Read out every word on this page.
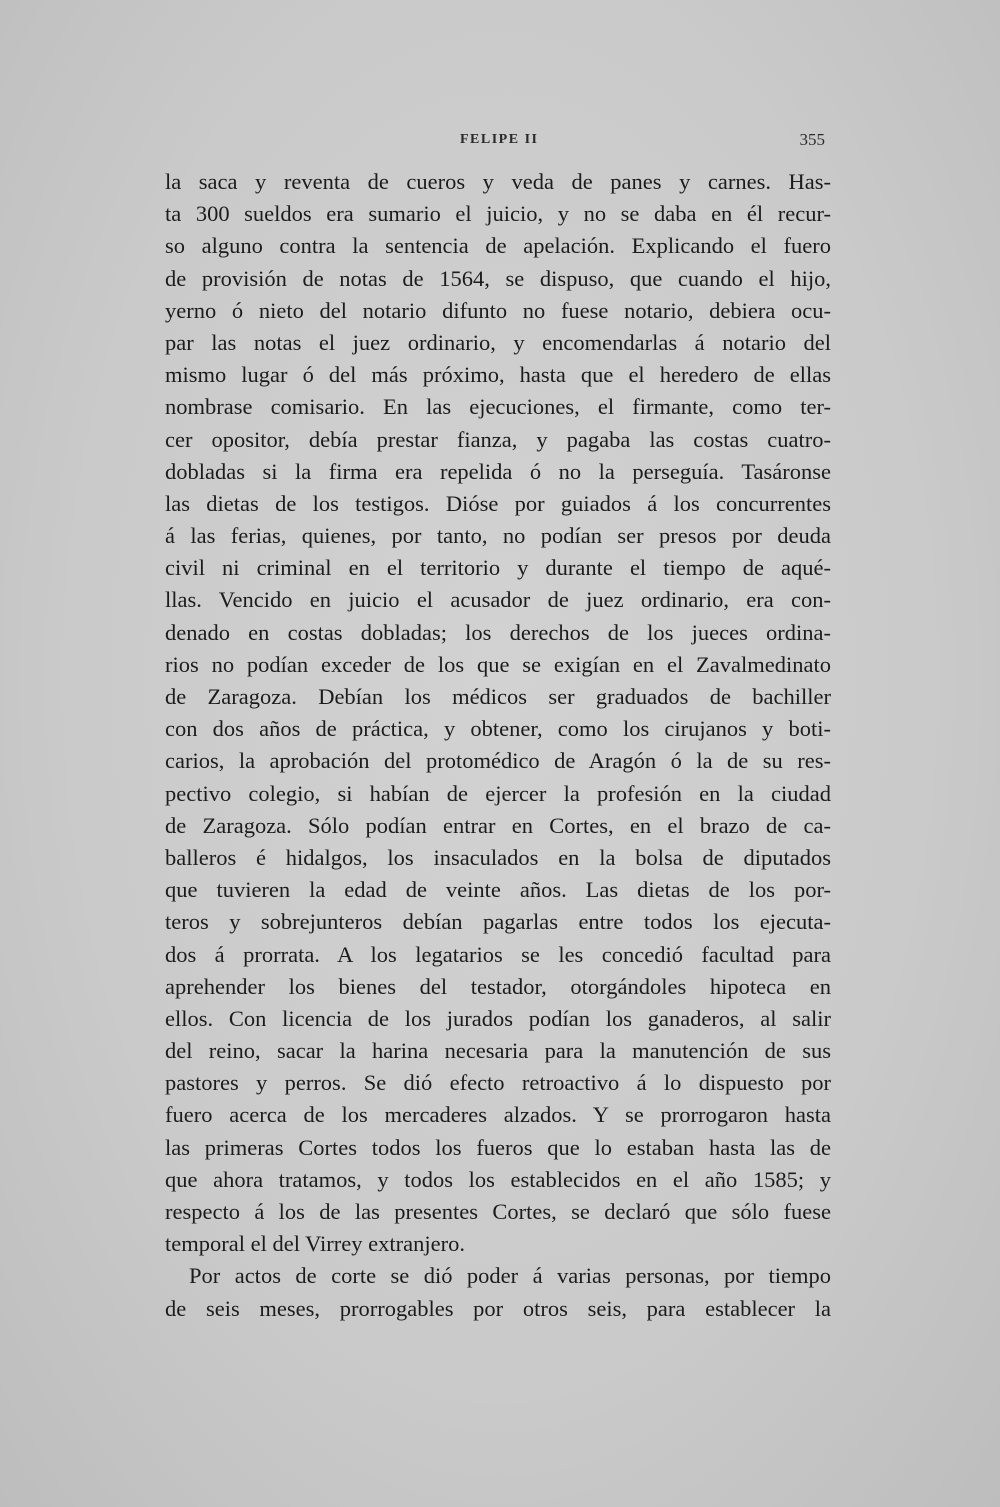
FELIPE II	355
la saca y reventa de cueros y veda de panes y carnes. Has-
ta 300 sueldos era sumario el juicio, y no se daba en él recur-
so alguno contra la sentencia de apelación. Explicando el fuero
de provisión de notas de 1564, se dispuso, que cuando el hijo,
yerno ó nieto del notario difunto no fuese notario, debiera ocu-
par las notas el juez ordinario, y encomendarlas á notario del
mismo lugar ó del más próximo, hasta que el heredero de ellas
nombrase comisario. En las ejecuciones, el firmante, como ter-
cer opositor, debía prestar fianza, y pagaba las costas cuatro-
dobladas si la firma era repelida ó no la perseguía. Tasáronse
las dietas de los testigos. Dióse por guiados á los concurrentes
á las ferias, quienes, por tanto, no podían ser presos por deuda
civil ni criminal en el territorio y durante el tiempo de aqué-
llas. Vencido en juicio el acusador de juez ordinario, era con-
denado en costas dobladas; los derechos de los jueces ordina-
rios no podían exceder de los que se exigían en el Zavalmedinato
de Zaragoza. Debían los médicos ser graduados de bachiller
con dos años de práctica, y obtener, como los cirujanos y boti-
carios, la aprobación del protomédico de Aragón ó la de su res-
pectivo colegio, si habían de ejercer la profesión en la ciudad
de Zaragoza. Sólo podían entrar en Cortes, en el brazo de ca-
balleros é hidalgos, los insaculados en la bolsa de diputados
que tuvieren la edad de veinte años. Las dietas de los por-
teros y sobrejunteros debían pagarlas entre todos los ejecuta-
dos á prorrata. A los legatarios se les concedió facultad para
aprehender los bienes del testador, otorgándoles hipoteca en
ellos. Con licencia de los jurados podían los ganaderos, al salir
del reino, sacar la harina necesaria para la manutención de sus
pastores y perros. Se dió efecto retroactivo á lo dispuesto por
fuero acerca de los mercaderes alzados. Y se prorrogaron hasta
las primeras Cortes todos los fueros que lo estaban hasta las de
que ahora tratamos, y todos los establecidos en el año 1585; y
respecto á los de las presentes Cortes, se declaró que sólo fuese
temporal el del Virrey extranjero.
Por actos de corte se dió poder á varias personas, por tiempo
de seis meses, prorrogables por otros seis, para establecer la
